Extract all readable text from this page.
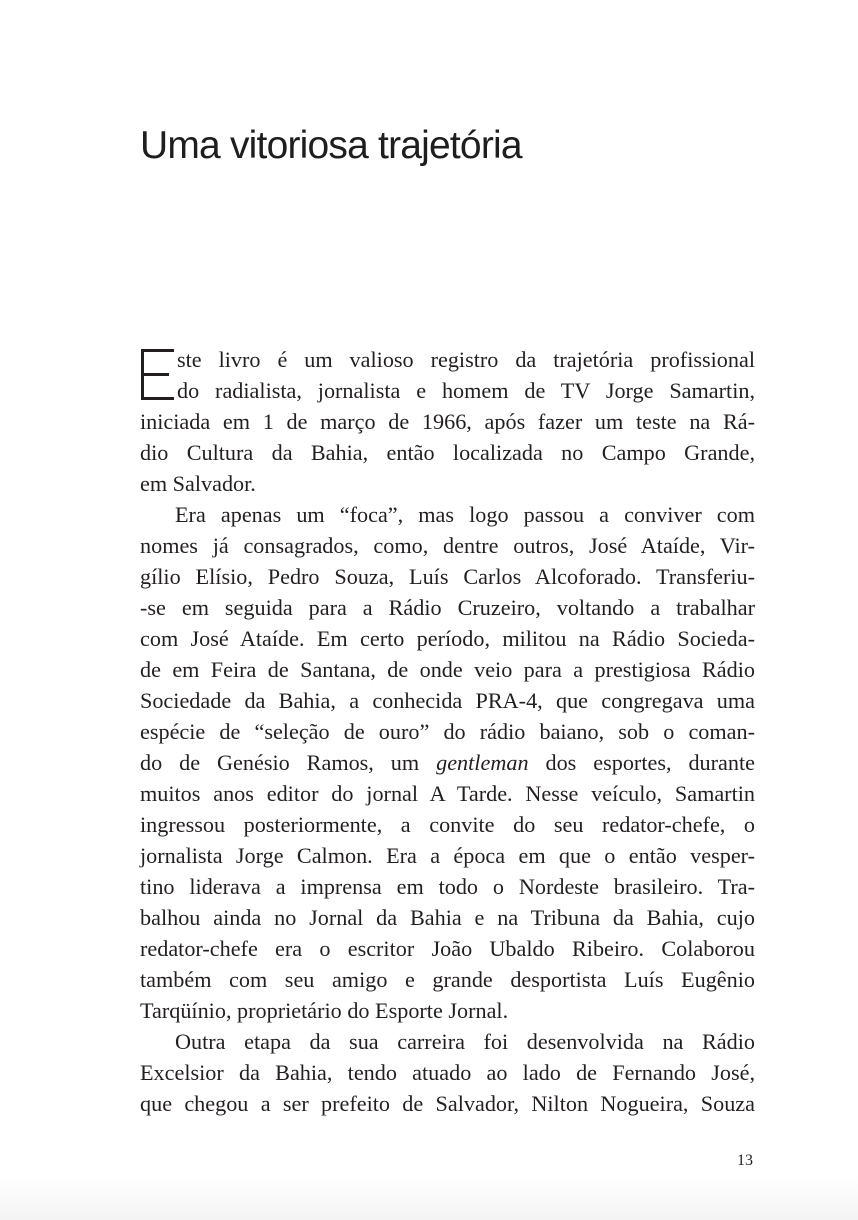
Uma vitoriosa trajetória
ste livro é um valioso registro da trajetória profissional
do radialista, jornalista e homem de TV Jorge Samartin,
iniciada em 1 de março de 1966, após fazer um teste na Rá-
dio Cultura da Bahia, então localizada no Campo Grande,
em Salvador.
Era apenas um “foca”, mas logo passou a conviver com
nomes já consagrados, como, dentre outros, José Ataíde, Vir-
gílio Elísio, Pedro Souza, Luís Carlos Alcoforado. Transferiu-
-se em seguida para a Rádio Cruzeiro, voltando a trabalhar
com José Ataíde. Em certo período, militou na Rádio Socieda-
de em Feira de Santana, de onde veio para a prestigiosa Rádio
Sociedade da Bahia, a conhecida PRA-4, que congregava uma
espécie de “seleção de ouro” do rádio baiano, sob o coman-
do de Genésio Ramos, um gentleman dos esportes, durante
muitos anos editor do jornal A Tarde. Nesse veículo, Samartin
ingressou posteriormente, a convite do seu redator-chefe, o
jornalista Jorge Calmon. Era a época em que o então vesper-
tino liderava a imprensa em todo o Nordeste brasileiro. Tra-
balhou ainda no Jornal da Bahia e na Tribuna da Bahia, cujo
redator-chefe era o escritor João Ubaldo Ribeiro. Colaborou
também com seu amigo e grande desportista Luís Eugênio
Tarqüínio, proprietário do Esporte Jornal.
Outra etapa da sua carreira foi desenvolvida na Rádio
Excelsior da Bahia, tendo atuado ao lado de Fernando José,
que chegou a ser prefeito de Salvador, Nilton Nogueira, Souza
13
